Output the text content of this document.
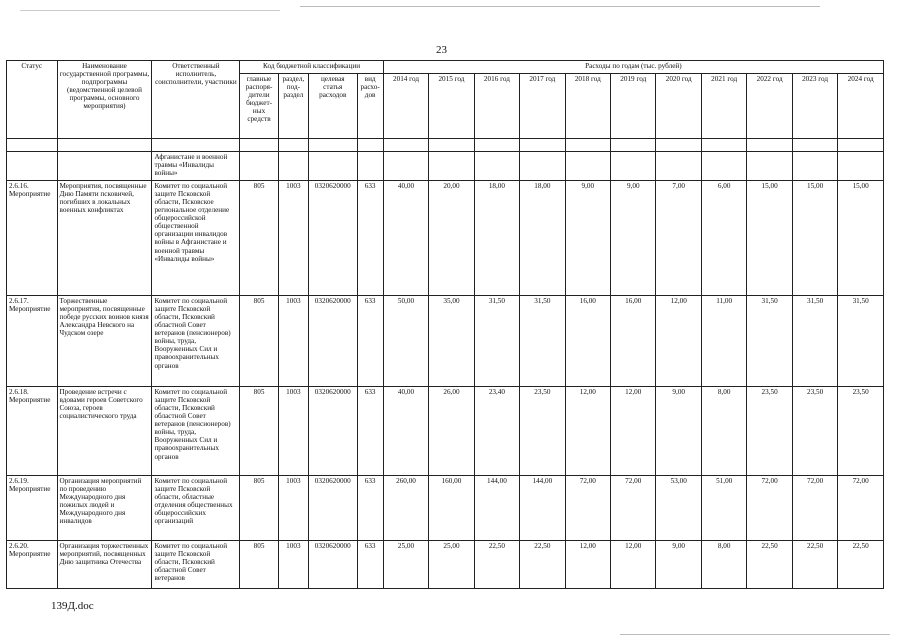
23
Статус	Наименование государственной программы, подпрограммы (ведомственной целевой программы, основного мероприятия)	Ответственный исполнитель, соисполнители, участники	Код бюджетной классификации				Расходы по годам (тыс. рублей)										
			главные распоря-дители бюджет-ных средств	раздел, под-раздел	целевая статья расходов	вид расхо-дов	2014 год	2015 год	2016 год	2017 год	2018 год	2019 год	2020 год	2021 год	2022 год	2023 год	2024 год

		Афганистане и военной травмы «Инвалиды войны»															
2.6.16. Мероприятие	Мероприятия, посвященные Дню Памяти псковичей, погибших в локальных военных конфликтах	Комитет по социальной защите Псковской области, Псковское региональное отделение общероссийской общественной организации инвалидов войны в Афганистане и военной травмы «Инвалиды войны»	805	1003	0320620000	633	40,00	20,00	18,00	18,00	9,00	9,00	7,00	6,00	15,00	15,00	15,00
2.6.17. Мероприятие	Торжественные мероприятия, посвященные победе русских воинов князя Александра Невского на Чудском озере	Комитет по социальной защите Псковской области, Псковский областной Совет ветеранов (пенсионеров) войны, труда, Вооруженных Сил и правоохранительных органов	805	1003	0320620000	633	50,00	35,00	31,50	31,50	16,00	16,00	12,00	11,00	31,50	31,50	31,50
2.6.18. Мероприятие	Проведение встречи с вдовами героев Советского Союза, героев социалистического труда	Комитет по социальной защите Псковской области, Псковский областной Совет ветеранов (пенсионеров) войны, труда, Вооруженных Сил и правоохранительных органов	805	1003	0320620000	633	40,00	26,00	23,40	23,50	12,00	12,00	9,00	8,00	23,50	23,50	23,50
2.6.19. Мероприятие	Организация мероприятий по проведению Международного дня пожилых людей и Международного дня инвалидов	Комитет по социальной защите Псковской области, областные отделения общественных общероссийских организаций	805	1003	0320620000	633	260,00	160,00	144,00	144,00	72,00	72,00	53,00	51,00	72,00	72,00	72,00
2.6.20. Мероприятие	Организация торжественных мероприятий, посвященных Дню защитника Отечества	Комитет по социальной защите Псковской области, Псковский областной Совет ветеранов	805	1003	0320620000	633	25,00	25,00	22,50	22,50	12,00	12,00	9,00	8,00	22,50	22,50	22,50
139Д.doc
